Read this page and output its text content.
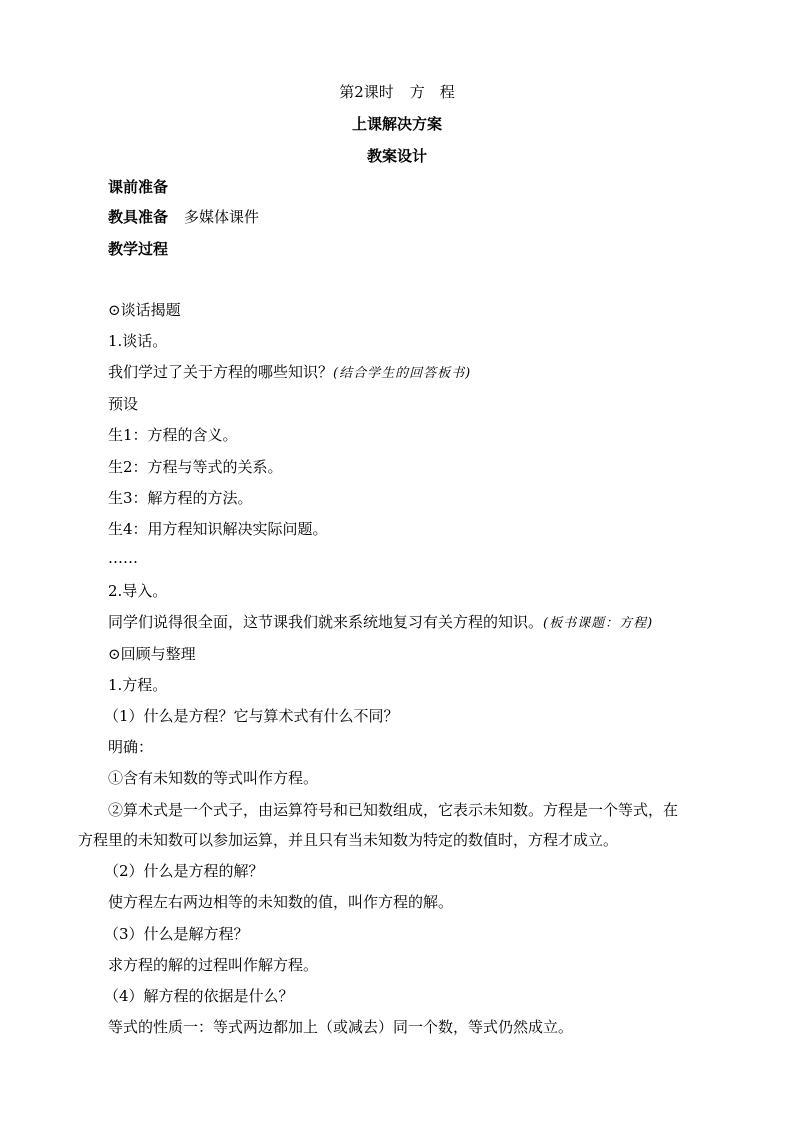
第2课时 方　程
上课解决方案
教案设计
课前准备
教具准备 多媒体课件
教学过程
⊙谈话揭题
1.谈话。
我们学过了关于方程的哪些知识？(结合学生的回答板书)
预设
生1：方程的含义。
生2：方程与等式的关系。
生3：解方程的方法。
生4：用方程知识解决实际问题。
……
2.导入。
同学们说得很全面，这节课我们就来系统地复习有关方程的知识。(板书课题：方程)
⊙回顾与整理
1.方程。
（1）什么是方程？它与算术式有什么不同？
明确：
①含有未知数的等式叫作方程。
②算术式是一个式子，由运算符号和已知数组成，它表示未知数。方程是一个等式，在
方程里的未知数可以参加运算，并且只有当未知数为特定的数值时，方程才成立。
（2）什么是方程的解？
使方程左右两边相等的未知数的值，叫作方程的解。
（3）什么是解方程？
求方程的解的过程叫作解方程。
（4）解方程的依据是什么？
等式的性质一：等式两边都加上（或减去）同一个数，等式仍然成立。
